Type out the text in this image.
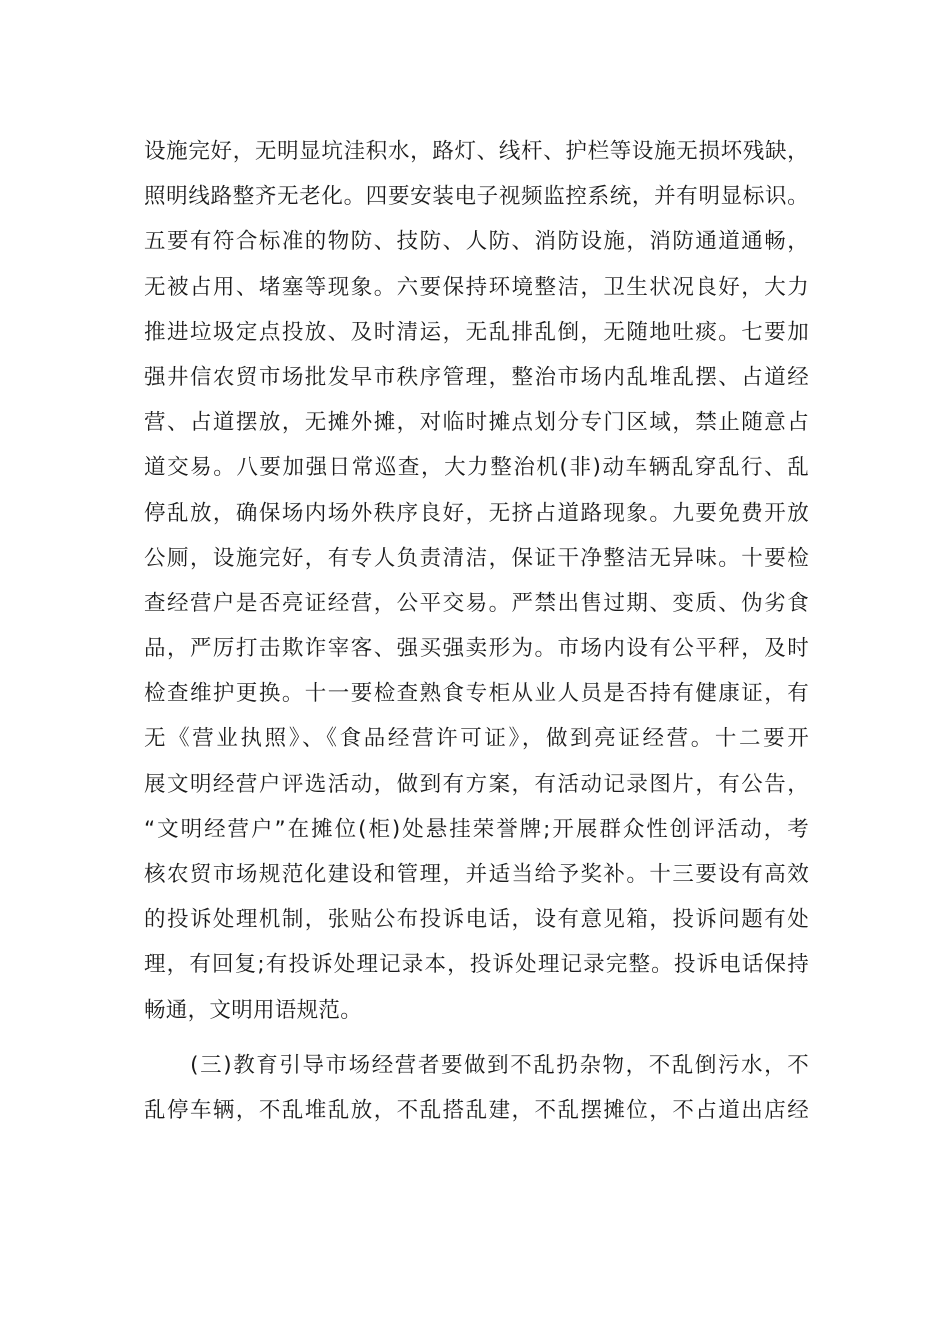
设施完好，无明显坑洼积水，路灯、线杆、护栏等设施无损坏残缺，
照明线路整齐无老化。四要安装电子视频监控系统，并有明显标识。
五要有符合标准的物防、技防、人防、消防设施，消防通道通畅，
无被占用、堵塞等现象。六要保持环境整洁，卫生状况良好，大力
推进垃圾定点投放、及时清运，无乱排乱倒，无随地吐痰。七要加
强井信农贸市场批发早市秩序管理，整治市场内乱堆乱摆、占道经
营、占道摆放，无摊外摊，对临时摊点划分专门区域，禁止随意占
道交易。八要加强日常巡查，大力整治机(非)动车辆乱穿乱行、乱
停乱放，确保场内场外秩序良好，无挤占道路现象。九要免费开放
公厕，设施完好，有专人负责清洁，保证干净整洁无异味。十要检
查经营户是否亮证经营，公平交易。严禁出售过期、变质、伪劣食
品，严厉打击欺诈宰客、强买强卖形为。市场内设有公平秤，及时
检查维护更换。十一要检查熟食专柜从业人员是否持有健康证，有
无《营业执照》、《食品经营许可证》，做到亮证经营。十二要开
展文明经营户评选活动，做到有方案，有活动记录图片，有公告，
“文明经营户”在摊位(柜)处悬挂荣誉牌;开展群众性创评活动，考
核农贸市场规范化建设和管理，并适当给予奖补。十三要设有高效
的投诉处理机制，张贴公布投诉电话，设有意见箱，投诉问题有处
理，有回复;有投诉处理记录本，投诉处理记录完整。投诉电话保持
畅通，文明用语规范。
　　(三)教育引导市场经营者要做到不乱扔杂物，不乱倒污水，不
乱停车辆，不乱堆乱放，不乱搭乱建，不乱摆摊位，不占道出店经
